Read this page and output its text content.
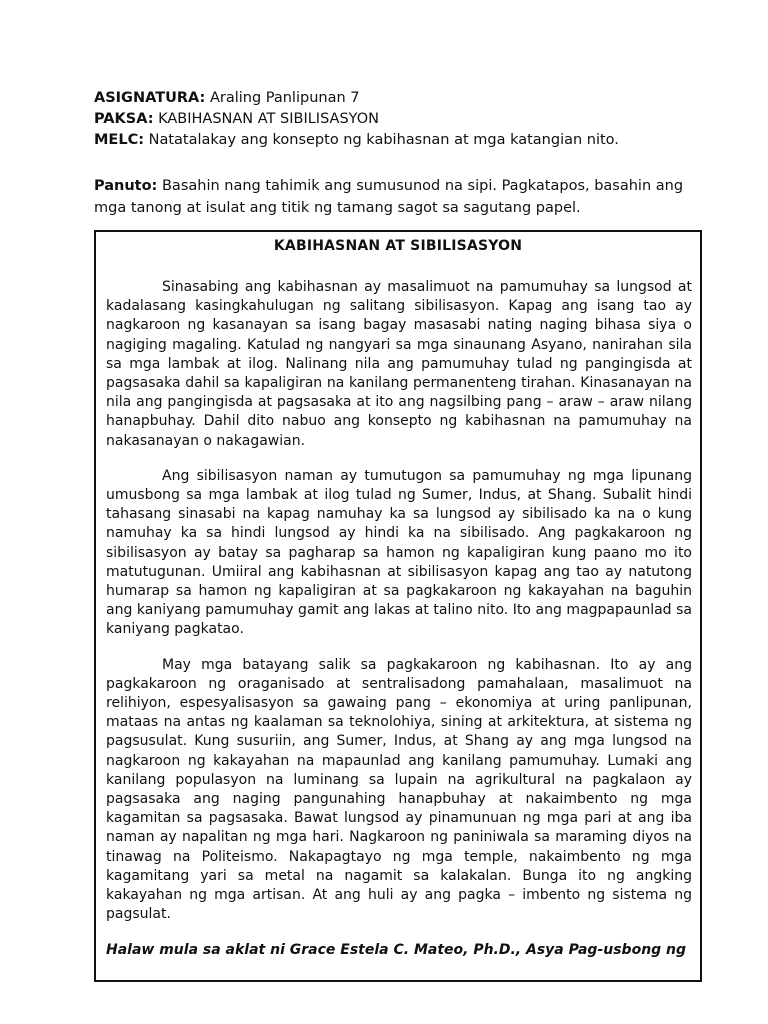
ASIGNATURA: Araling Panlipunan 7

PAKSA: KABIHASNAN AT SIBILISASYON

MELC: Natatalakay ang konsepto ng kabihasnan at mga katangian nito.

Panuto: Basahin nang tahimik ang sumusunod na sipi. Pagkatapos, basahin ang mga tanong at isulat ang titik ng tamang sagot sa sagutang papel.

KABIHASNAN AT SIBILISASYON

Sinasabing ang kabihasnan ay masalimuot na pamumuhay sa lungsod at kadalasang kasingkahulugan ng salitang sibilisasyon. Kapag ang isang tao ay nagkaroon ng kasanayan sa isang bagay masasabi nating naging bihasa siya o nagiging magaling. Katulad ng nangyari sa mga sinaunang Asyano, nanirahan sila sa mga lambak at ilog. Nalinang nila ang pamumuhay tulad ng pangingisda at pagsasaka dahil sa kapaligiran na kanilang permanenteng tirahan. Kinasanayan na nila ang pangingisda at pagsasaka at ito ang nagsilbing pang – araw – araw nilang hanapbuhay. Dahil dito nabuo ang konsepto ng kabihasnan na pamumuhay na nakasanayan o nakagawian.

Ang sibilisasyon naman ay tumutugon sa pamumuhay ng mga lipunang umusbong sa mga lambak at ilog tulad ng Sumer, Indus, at Shang. Subalit hindi tahasang sinasabi na kapag namuhay ka sa lungsod ay sibilisado ka na o kung namuhay ka sa hindi lungsod ay hindi ka na sibilisado. Ang pagkakaroon ng sibilisasyon ay batay sa pagharap sa hamon ng kapaligiran kung paano mo ito matutugunan. Umiiral ang kabihasnan at sibilisasyon kapag ang tao ay natutong humarap sa hamon ng kapaligiran at sa pagkakaroon ng kakayahan na baguhin ang kaniyang pamumuhay gamit ang lakas at talino nito. Ito ang magpapaunlad sa kaniyang pagkatao.

May mga batayang salik sa pagkakaroon ng kabihasnan. Ito ay ang pagkakaroon ng oraganisado at sentralisadong pamahalaan, masalimuot na relihiyon, espesyalisasyon sa gawaing pang – ekonomiya at uring panlipunan, mataas na antas ng kaalaman sa teknolohiya, sining at arkitektura, at sistema ng pagsusulat. Kung susuriin, ang Sumer, Indus, at Shang ay ang mga lungsod na nagkaroon ng kakayahan na mapaunlad ang kanilang pamumuhay. Lumaki ang kanilang populasyon na luminang sa lupain na agrikultural na pagkalaon ay pagsasaka ang naging pangunahing hanapbuhay at nakaimbento ng mga kagamitan sa pagsasaka. Bawat lungsod ay pinamunuan ng mga pari at ang iba naman ay napalitan ng mga hari. Nagkaroon ng paniniwala sa maraming diyos na tinawag na Politeismo. Nakapagtayo ng mga temple, nakaimbento ng mga kagamitang yari sa metal na nagamit sa kalakalan. Bunga ito ng angking kakayahan ng mga artisan. At ang huli ay ang pagka – imbento ng sistema ng pagsulat.

Halaw mula sa aklat ni Grace Estela C. Mateo, Ph.D., Asya Pag-usbong ng
